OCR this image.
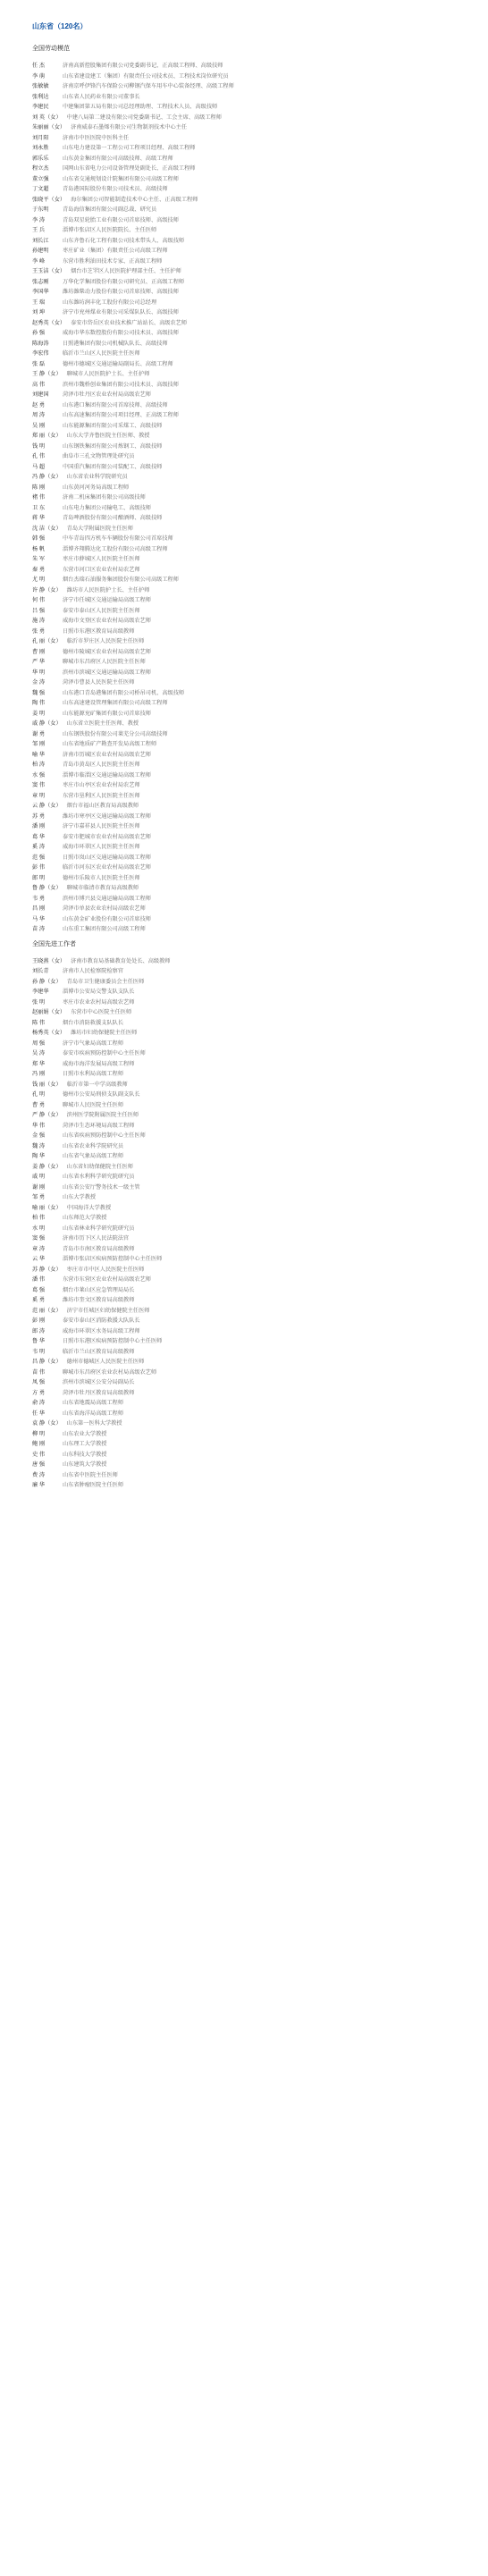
山东省（120名）
全国劳动模范
任 杰	济南高新控股集团有限公司党委副书记、正高级工程师、高级技师
李 萌	山东省建设建工（集团）有限责任公司技术员、工程技术岗位研究员
张敏敏 济南京呼伊锋汽车保险公司柳钢汽保车用车中心装备经理、高级工程师
张利达 山东省人民药业有限公司董事长
李建民 中建集团第五局有限公司总经理助理、工程技术人员、高级技师
刘 英（女） 中建八局第二建设有限公司党委副书记、工会主席、高级工程师
朱丽丽（女） 济南威泰石墨烯有限公司生物制剂技术中心主任
刘月阳 济南市中医医院中医科主任
刘永胜 山东电力建设第一工程公司工程项目经理、高级工程师
郭乐乐 山东黄金集团有限公司高级技师、高级工程师
程立杰 国网山东省电力公司设备管理处副处长、正高级工程师
董立强 山东省交通规划设计院集团有限公司高级工程师
丁文超 青岛港国际股份有限公司技术员、高级技师
张晓平（女） 海尔集团公司智能制造技术中心主任、正高级工程师
于东明 青岛海信集团有限公司副总裁、研究员
李 涛	青岛双星轮胎工业有限公司首席技师、高级技师
王 兵	淄博市张店区人民医院院长、主任医师
刘长江 山东齐鲁石化工程有限公司技术带头人、高级技师
孙建明 枣庄矿业（集团）有限责任公司高级工程师
李 峰	东营市胜利油田技术专家、正高级工程师
王玉洁（女） 烟台市芝罘区人民医院护理部主任、主任护师
张志刚 万华化学集团股份有限公司研究员、正高级工程师
李国华 潍坊潍柴动力股份有限公司首席技师、高级技师
王 瑞	山东潍坊润丰化工股份有限公司总经理
刘 坤	济宁市兖州煤业有限公司采煤队队长、高级技师
赵秀英（女） 泰安市岱岳区农业技术推广站站长、高级农艺师
孙 强	威海市华东数控股份有限公司技术员、高级技师
陈海涛 日照港集团有限公司机械队队长、高级技师
李宏伟 临沂市兰山区人民医院主任医师
张 磊	德州市德城区交通运输局副局长、高级工程师
王 静（女） 聊城市人民医院护士长、主任护师
高 伟	滨州市魏桥创业集团有限公司技术员、高级技师
刘建国 菏泽市牡丹区农业农村局高级农艺师
赵 勇	山东港口集团有限公司首席技师、高级技师
周 涛	山东高速集团有限公司项目经理、正高级工程师
吴 刚	山东能源集团有限公司采煤工、高级技师
郑 丽（女） 山东大学齐鲁医院主任医师、教授
钱 明	山东钢铁集团有限公司炼钢工、高级技师
孔 伟	曲阜市三孔文物管理处研究员
马 超	中国重汽集团有限公司装配工、高级技师
冯 静（女） 山东省农业科学院研究员
陈 刚	山东黄河河务局高级工程师
褚 伟	济南二机床集团有限公司高级技师
卫 东	山东电力集团公司输电工、高级技师
蒋 华	青岛啤酒股份有限公司酿酒师、高级技师
沈 洁（女） 青岛大学附属医院主任医师
韩 强	中车青岛四方机车车辆股份有限公司首席技师
杨 帆	淄博齐翔腾达化工股份有限公司高级工程师
朱 军	枣庄市薛城区人民医院主任医师
秦 勇	东营市河口区农业农村局农艺师
尤 明	烟台杰瑞石油服务集团股份有限公司高级工程师
许 静（女） 潍坊市人民医院护士长、主任护师
何 伟	济宁市任城区交通运输局高级工程师
吕 强	泰安市泰山区人民医院主任医师
施 涛	威海市文登区农业农村局高级农艺师
张 勇	日照市东港区教育局高级教师
孔 丽（女） 临沂市罗庄区人民医院主任医师
曹 刚	德州市陵城区农业农村局高级农艺师
严 华	聊城市东昌府区人民医院主任医师
华 明	滨州市滨城区交通运输局高级工程师
金 涛	菏泽市曹县人民医院主任医师
魏 强	山东港口青岛港集团有限公司桥吊司机、高级技师
陶 伟	山东高速建设管理集团有限公司高级工程师
姜 明	山东能源兖矿集团有限公司首席技师
戚 静（女） 山东省立医院主任医师、教授
谢 勇	山东钢铁股份有限公司莱芜分公司高级技师
邹 刚	山东省地质矿产勘查开发局高级工程师
喻 华	济南市历城区农业农村局高级农艺师
柏 涛	青岛市黄岛区人民医院主任医师
水 强	淄博市临淄区交通运输局高级工程师
窦 伟	枣庄市山亭区农业农村局农艺师
章 明	东营市垦利区人民医院主任医师
云 静（女） 烟台市福山区教育局高级教师
苏 勇	潍坊市寒亭区交通运输局高级工程师
潘 刚	济宁市嘉祥县人民医院主任医师
葛 华	泰安市肥城市农业农村局高级农艺师
奚 涛	威海市环翠区人民医院主任医师
范 强	日照市岚山区交通运输局高级工程师
彭 伟	临沂市河东区农业农村局高级农艺师
郎 明	德州市乐陵市人民医院主任医师
鲁 静（女） 聊城市临清市教育局高级教师
韦 勇	滨州市博兴县交通运输局高级工程师
昌 刚	菏泽市单县农业农村局高级农艺师
马 华	山东黄金矿业股份有限公司首席技师
苗 涛	山东重工集团有限公司高级工程师
全国先进工作者
王晓燕（女） 济南市教育局基础教育处处长、高级教师
刘长青 济南市人民检察院检察官
孙 静（女） 青岛市卫生健康委员会主任医师
李建华 淄博市公安局交警支队支队长
张 明	枣庄市农业农村局高级农艺师
赵丽娟（女） 东营市中心医院主任医师
陈 伟	烟台市消防救援支队队长
杨秀英（女） 潍坊市妇幼保健院主任医师
周 强	济宁市气象局高级工程师
吴 涛	泰安市疾病预防控制中心主任医师
郑 华	威海市海洋发展局高级工程师
冯 刚	日照市水利局高级工程师
钱 丽（女） 临沂市第一中学高级教师
孔 明	德州市公安局刑侦支队副支队长
曹 勇	聊城市人民医院主任医师
严 静（女） 滨州医学院附属医院主任医师
华 伟	菏泽市生态环境局高级工程师
金 强	山东省疾病预防控制中心主任医师
魏 涛	山东省农业科学院研究员
陶 华	山东省气象局高级工程师
姜 静（女） 山东省妇幼保健院主任医师
戚 明	山东省水利科学研究院研究员
谢 刚	山东省公安厅警务技术一级主管
邹 勇	山东大学教授
喻 丽（女） 中国海洋大学教授
柏 伟	山东师范大学教授
水 明	山东省林业科学研究院研究员
窦 强	济南市历下区人民法院法官
章 涛	青岛市市南区教育局高级教师
云 华	淄博市张店区疾病预防控制中心主任医师
苏 静（女） 枣庄市市中区人民医院主任医师
潘 伟	东营市东营区农业农村局高级农艺师
葛 强	烟台市莱山区应急管理局局长
奚 勇	潍坊市奎文区教育局高级教师
范 丽（女） 济宁市任城区妇幼保健院主任医师
彭 刚	泰安市泰山区消防救援大队队长
郎 涛	威海市环翠区水务局高级工程师
鲁 华	日照市东港区疾病预防控制中心主任医师
韦 明	临沂市兰山区教育局高级教师
昌 静（女） 德州市德城区人民医院主任医师
苗 伟	聊城市东昌府区农业农村局高级农艺师
凤 强	滨州市滨城区公安分局副局长
方 勇	菏泽市牡丹区教育局高级教师
俞 涛	山东省地震局高级工程师
任 华	山东省海洋局高级工程师
袁 静（女） 山东第一医科大学教授
柳 明	山东农业大学教授
鲍 刚	山东理工大学教授
史 伟	山东科技大学教授
唐 强	山东建筑大学教授
费 涛	山东省中医院主任医师
廉 华	山东省肿瘤医院主任医师
